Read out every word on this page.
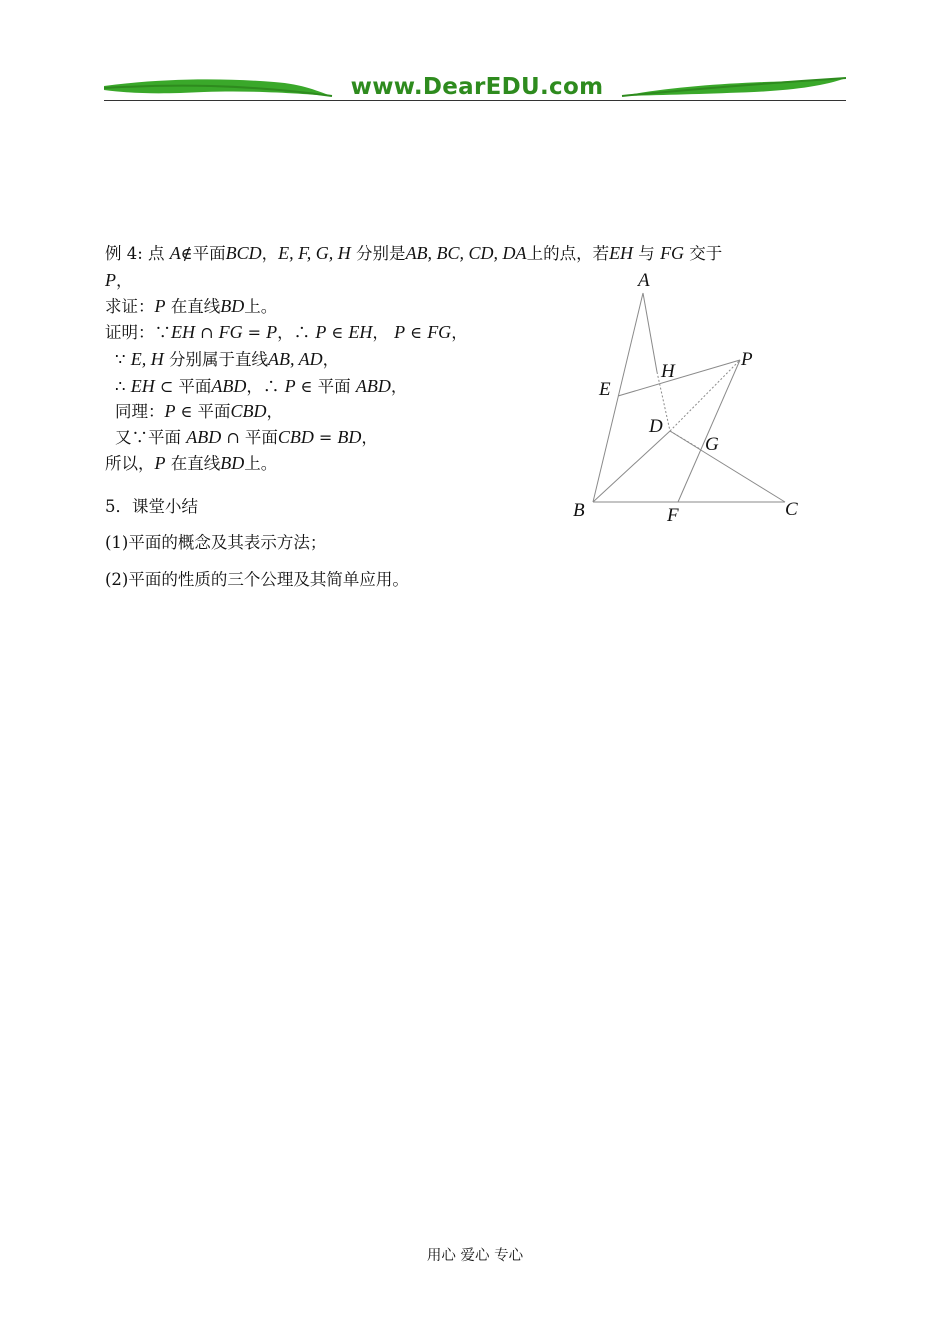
www.DearEDU.com
例 4: 点 A∉平面BCD，E, F, G, H 分别是AB, BC, CD, DA上的点，若EH 与 FG 交于
P，
求证：P 在直线BD上。
证明：∵EH ∩ FG = P，∴ P ∈ EH， P ∈ FG，
∵ E, H 分别属于直线AB, AD，
∴ EH ⊂ 平面ABD，∴ P ∈ 平面 ABD，
同理：P ∈ 平面CBD，
又∵平面 ABD ∩ 平面CBD = BD，
所以，P 在直线BD上。
5．课堂小结
(1)平面的概念及其表示方法；
(2)平面的性质的三个公理及其简单应用。
A
B	C
D
E
F
G
H
P
用心 爱心 专心
